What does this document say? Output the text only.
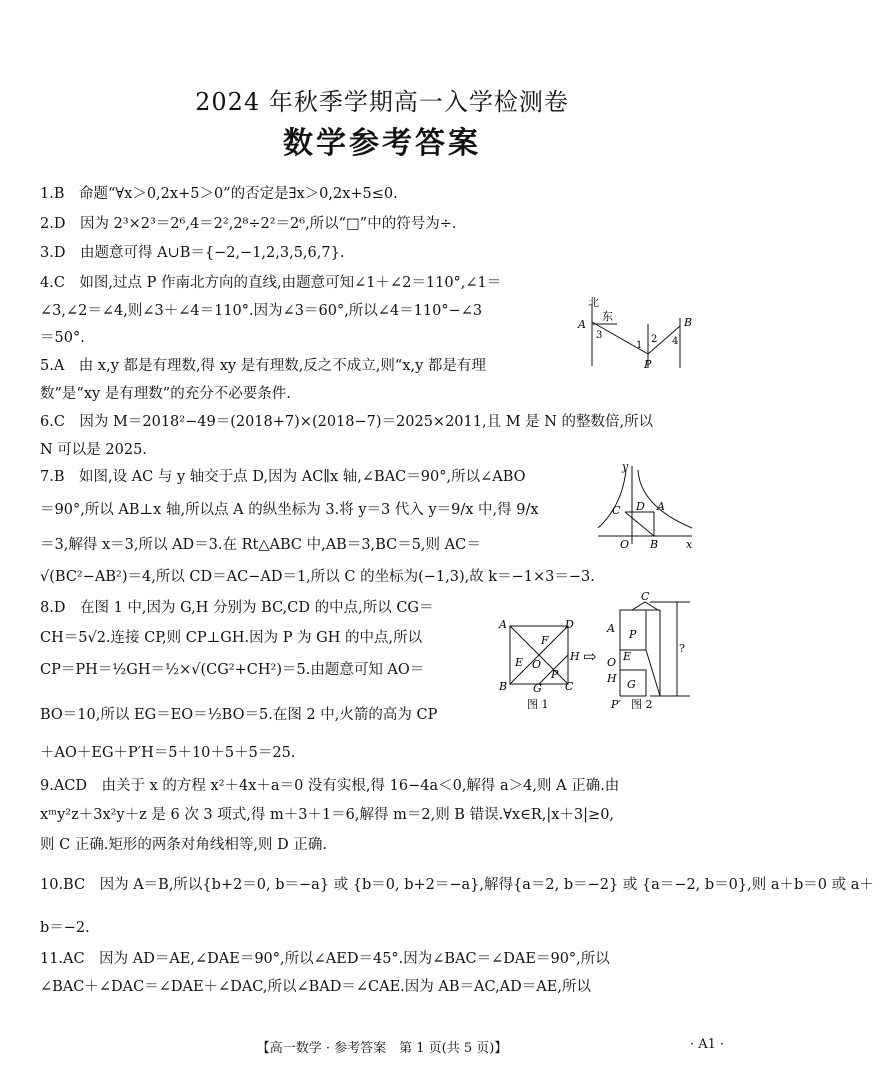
2024 年秋季学期高一入学检测卷
数学参考答案
1.B　命题“∀x＞0,2x+5＞0”的否定是∃x＞0,2x+5≤0.
2.D　因为 2³×2³＝2⁶,4＝2²,2⁸÷2²＝2⁶,所以“□”中的符号为÷.
3.D　由题意可得 A∪B＝{−2,−1,2,3,5,6,7}.
4.C　如图,过点 P 作南北方向的直线,由题意可知∠1＋∠2＝110°,∠1＝
∠3,∠2＝∠4,则∠3＋∠4＝110°.因为∠3＝60°,所以∠4＝110°−∠3
＝50°.
5.A　由 x,y 都是有理数,得 xy 是有理数,反之不成立,则“x,y 都是有理
数”是“xy 是有理数”的充分不必要条件.
6.C　因为 M＝2018²−49＝(2018+7)×(2018−7)＝2025×2011,且 M 是 N 的整数倍,所以
N 可以是 2025.
7.B　如图,设 AC 与 y 轴交于点 D,因为 AC∥x 轴,∠BAC＝90°,所以∠ABO
＝90°,所以 AB⊥x 轴,所以点 A 的纵坐标为 3.将 y＝3 代入 y＝9/x 中,得 9/x
＝3,解得 x＝3,所以 AD＝3.在 Rt△ABC 中,AB＝3,BC＝5,则 AC＝
√(BC²−AB²)＝4,所以 CD＝AC−AD＝1,所以 C 的坐标为(−1,3),故 k＝−1×3＝−3.
8.D　在图 1 中,因为 G,H 分别为 BC,CD 的中点,所以 CG＝
CH＝5√2.连接 CP,则 CP⊥GH.因为 P 为 GH 的中点,所以
CP＝PH＝½GH＝½×√(CG²+CH²)＝5.由题意可知 AO＝
BO＝10,所以 EG＝EO＝½BO＝5.在图 2 中,火箭的高为 CP
＋AO＋EG＋P′H＝5＋10＋5＋5＝25.
9.ACD　由关于 x 的方程 x²＋4x＋a＝0 没有实根,得 16−4a＜0,解得 a＞4,则 A 正确.由
xᵐy²z＋3x²y＋z 是 6 次 3 项式,得 m＋3＋1＝6,解得 m＝2,则 B 错误.∀x∈R,|x＋3|≥0,
则 C 正确.矩形的两条对角线相等,则 D 正确.
10.BC　因为 A＝B,所以{b+2＝0, b＝−a} 或 {b＝0, b+2＝−a},解得{a＝2, b＝−2} 或 {a＝−2, b＝0},则 a＋b＝0 或 a＋
b＝−2.
11.AC　因为 AD＝AE,∠DAE＝90°,所以∠AED＝45°.因为∠BAC＝∠DAE＝90°,所以
∠BAC＋∠DAC＝∠DAE＋∠DAC,所以∠BAD＝∠CAE.因为 AB＝AC,AD＝AE,所以
北
东
A	B
P
3
1
2 4
y
x
O
C D A
B
A
B	C
D
E
F
G
H
O
P
图 1
⇨
C
A P
E
O
H G
P′ 图 2
?
【高一数学 · 参考答案　第 1 页(共 5 页)】	· A1 ·
